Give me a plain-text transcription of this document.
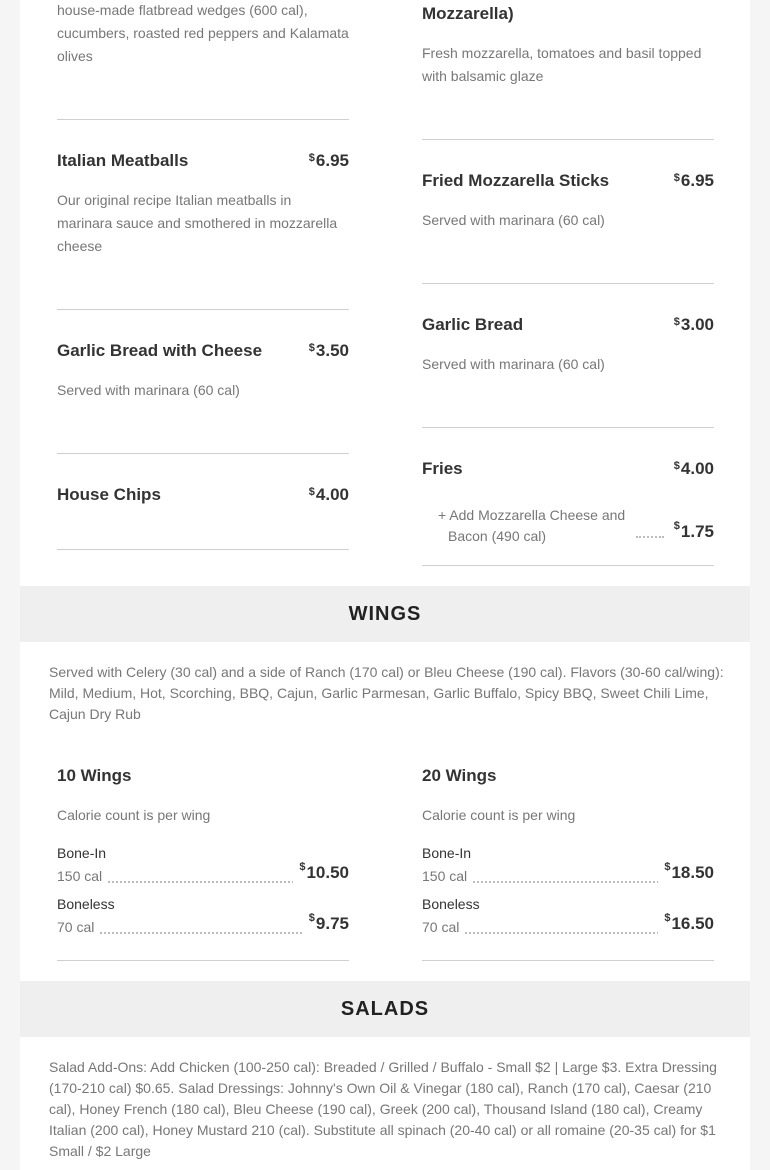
house-made flatbread wedges (600 cal), cucumbers, roasted red peppers and Kalamata olives
Italian Meatballs	$6.95
Our original recipe Italian meatballs in marinara sauce and smothered in mozzarella cheese
Garlic Bread with Cheese	$3.50
Served with marinara (60 cal)
House Chips	$4.00
Mozzarella)
Fresh mozzarella, tomatoes and basil topped with balsamic glaze
Fried Mozzarella Sticks	$6.95
Served with marinara (60 cal)
Garlic Bread	$3.00
Served with marinara (60 cal)
Fries	$4.00
+ Add Mozzarella Cheese and Bacon (490 cal)
$1.75
WINGS
Served with Celery (30 cal) and a side of Ranch (170 cal) or Bleu Cheese (190 cal). Flavors (30-60 cal/wing): Mild, Medium, Hot, Scorching, BBQ, Cajun, Garlic Parmesan, Garlic Buffalo, Spicy BBQ, Sweet Chili Lime, Cajun Dry Rub
10 Wings
Calorie count is per wing
Bone-In
150 cal
$10.50
Boneless
70 cal
$9.75
20 Wings
Calorie count is per wing
Bone-In
150 cal
$18.50
Boneless
70 cal
$16.50
SALADS
Salad Add-Ons: Add Chicken (100-250 cal): Breaded / Grilled / Buffalo - Small $2 | Large $3. Extra Dressing (170-210 cal) $0.65. Salad Dressings: Johnny's Own Oil & Vinegar (180 cal), Ranch (170 cal), Caesar (210 cal), Honey French (180 cal), Bleu Cheese (190 cal), Greek (200 cal), Thousand Island (180 cal), Creamy Italian (200 cal), Honey Mustard 210 (cal). Substitute all spinach (20-40 cal) or all romaine (20-35 cal) for $1 Small / $2 Large
